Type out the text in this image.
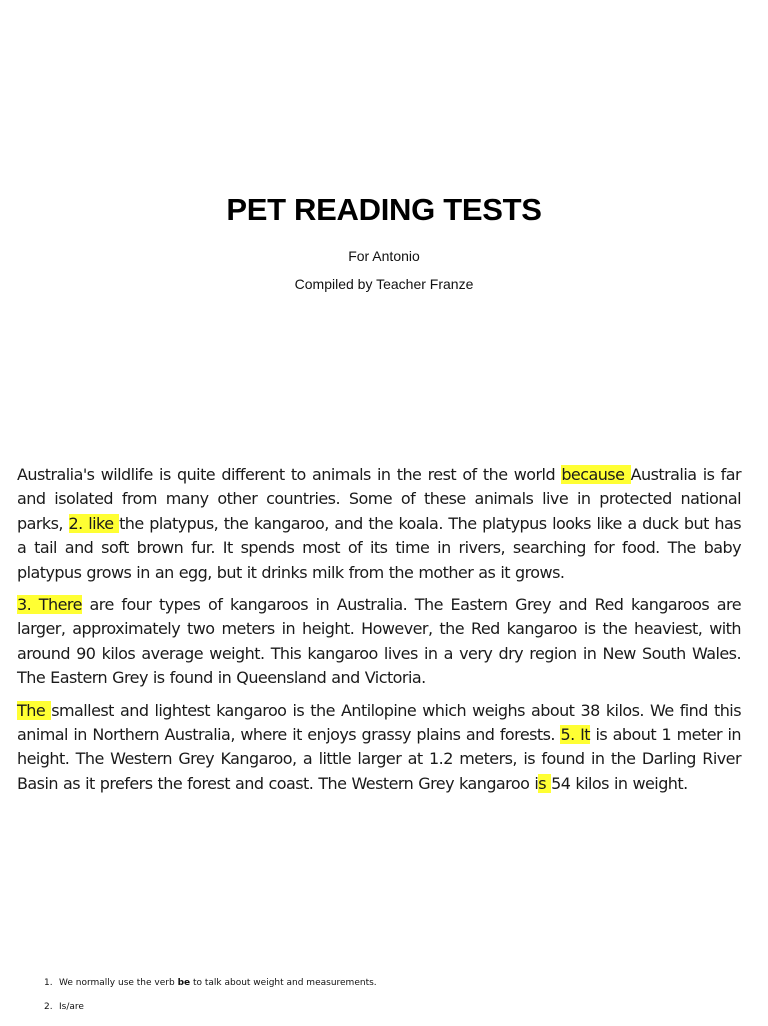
PET READING TESTS

For Antonio

Compiled by Teacher Franze

Australia's wildlife is quite different to animals in the rest of the world because Australia is far and isolated from many other countries. Some of these animals live in protected national parks, 2. like the platypus, the kangaroo, and the koala. The platypus looks like a duck but has a tail and soft brown fur. It spends most of its time in rivers, searching for food. The baby platypus grows in an egg, but it drinks milk from the mother as it grows.

3. There are four types of kangaroos in Australia. The Eastern Grey and Red kangaroos are larger, approximately two meters in height. However, the Red kangaroo is the heaviest, with around 90 kilos average weight. This kangaroo lives in a very dry region in New South Wales. The Eastern Grey is found in Queensland and Victoria.

The smallest and lightest kangaroo is the Antilopine which weighs about 38 kilos. We find this animal in Northern Australia, where it enjoys grassy plains and forests. 5. It is about 1 meter in height. The Western Grey Kangaroo, a little larger at 1.2 meters, is found in the Darling River Basin as it prefers the forest and coast. The Western Grey kangaroo is 54 kilos in weight.

1. We normally use the verb be to talk about weight and measurements.
2. Is/are
